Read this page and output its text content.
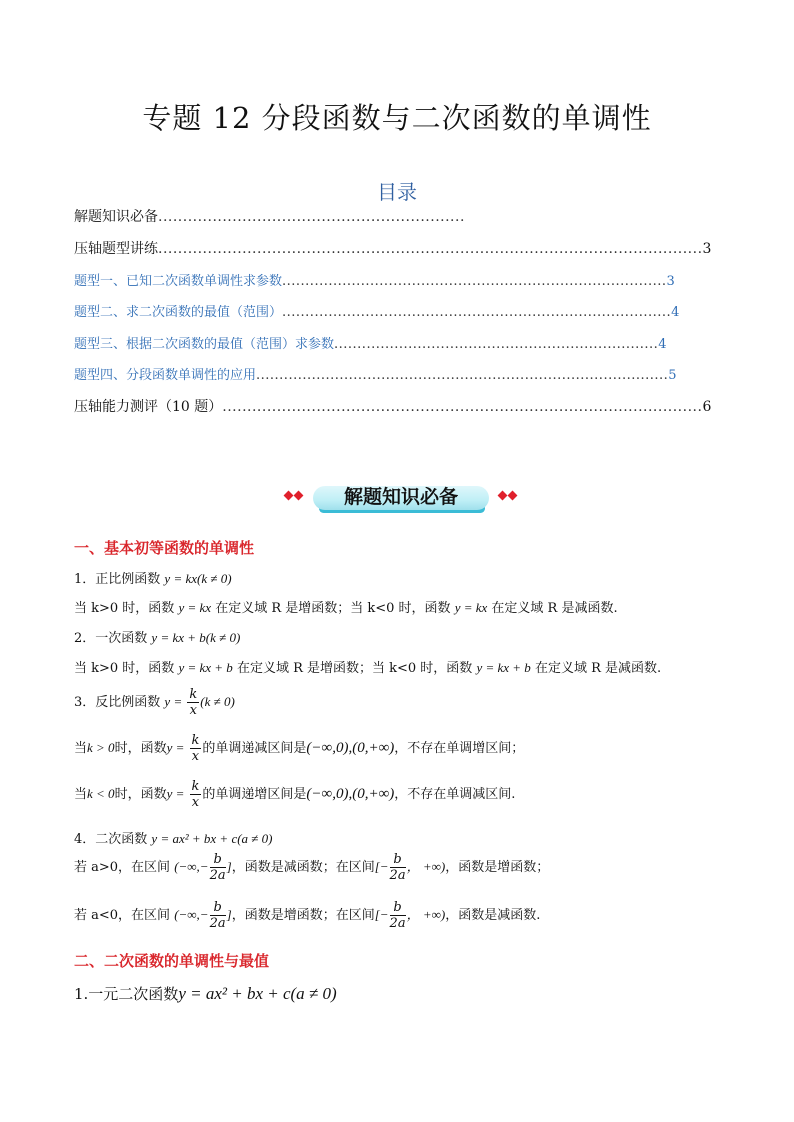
专题 12 分段函数与二次函数的单调性
目录
解题知识必备 ..............................................................
压轴题型讲练 .............................................................................................................. 3
题型一、已知二次函数单调性求参数 ................................................................................... 3
题型二、求二次函数的最值（范围） .................................................................................... 4
题型三、根据二次函数的最值（范围）求参数 ...................................................................... 4
题型四、分段函数单调性的应用 ......................................................................................... 5
压轴能力测评（10 题） ................................................................................................. 6
解题知识必备
一、基本初等函数的单调性
1．正比例函数 y = kx(k ≠ 0)
当 k>0 时，函数 y = kx 在定义域 R 是增函数；当 k<0 时，函数 y = kx 在定义域 R 是减函数.
2．一次函数 y = kx + b(k ≠ 0)
当 k>0 时，函数 y = kx + b 在定义域 R 是增函数；当 k<0 时，函数 y = kx + b 在定义域 R 是减函数.
3．反比例函数 $y = \frac{k}{x} (k \ne 0)$
当k > 0时，函数$y = \frac{k}{x}$ 的单调递减区间是(−∞,0),(0,+∞)，不存在单调增区间；
当k < 0时，函数$y = \frac{k}{x}$ 的单调递增区间是(−∞,0),(0,+∞)，不存在单调减区间.
4．二次函数 y = ax² + bx + c(a ≠ 0)
若 a>0，在区间 (−∞,− $\frac{b}{2a}$ ]，函数是减函数；在区间[− $\frac{b}{2a}$ ， +∞)，函数是增函数；
若 a<0，在区间 (−∞,− $\frac{b}{2a}$ ]，函数是增函数；在区间[− $\frac{b}{2a}$ ， +∞)，函数是减函数.
二、二次函数的单调性与最值
1.一元二次函数y = ax² + bx + c(a ≠ 0)
